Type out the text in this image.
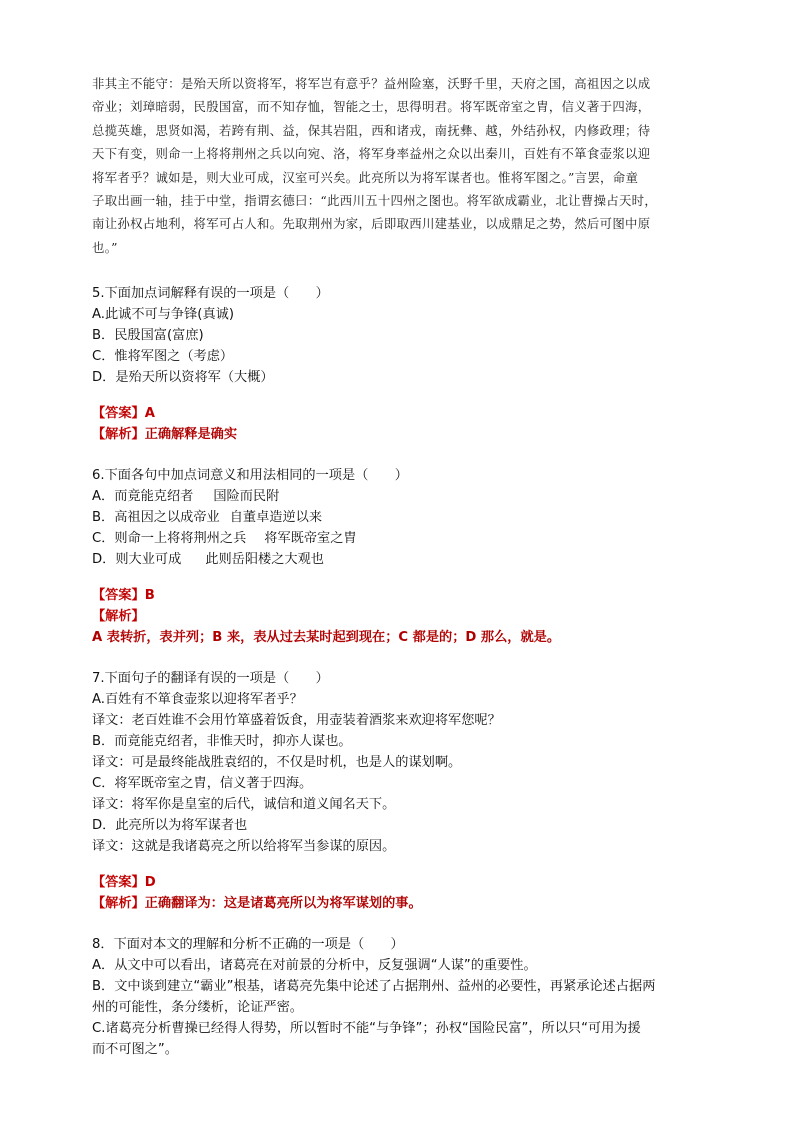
非其主不能守：是殆天所以资将军，将军岂有意乎？益州险塞，沃野千里，天府之国，高祖因之以成
帝业；刘璋暗弱，民殷国富，而不知存恤，智能之士，思得明君。将军既帝室之胄，信义著于四海，
总揽英雄，思贤如渴，若跨有荆、益，保其岩阻，西和诸戎，南抚彝、越，外结孙权，内修政理；待
天下有变，则命一上将将荆州之兵以向宛、洛，将军身率益州之众以出秦川，百姓有不箪食壶浆以迎
将军者乎？诚如是，则大业可成，汉室可兴矣。此亮所以为将军谋者也。惟将军图之。”言罢，命童
子取出画一轴，挂于中堂，指谓玄德曰：“此西川五十四州之图也。将军欲成霸业，北让曹操占天时，
南让孙权占地利，将军可占人和。先取荆州为家，后即取西川建基业，以成鼎足之势，然后可图中原
也。”
5.下面加点词解释有误的一项是（　　）
A.此诚不可与争锋(真诚)
B．民殷国富(富庶)
C．惟将军图之（考虑）
D．是殆天所以资将军（大概）
【答案】A
【解析】正确解释是确实
6.下面各句中加点词意义和用法相同的一项是（　　）
A．而竟能克绍者 国险而民附
B．高祖因之以成帝业 自董卓造逆以来
C．则命一上将将荆州之兵 将军既帝室之胄
D．则大业可成 此则岳阳楼之大观也
【答案】B
【解析】
A 表转折，表并列；B 来，表从过去某时起到现在；C 都是的；D 那么，就是。
7.下面句子的翻译有误的一项是（　　）
A.百姓有不箪食壶浆以迎将军者乎？
译文：老百姓谁不会用竹箪盛着饭食，用壶装着酒浆来欢迎将军您呢？
B．而竟能克绍者，非惟天时，抑亦人谋也。
译文：可是最终能战胜袁绍的，不仅是时机，也是人的谋划啊。
C．将军既帝室之胄，信义著于四海。
译文：将军你是皇室的后代，诚信和道义闻名天下。
D．此亮所以为将军谋者也
译文：这就是我诸葛亮之所以给将军当参谋的原因。
【答案】D
【解析】正确翻译为：这是诸葛亮所以为将军谋划的事。
8．下面对本文的理解和分析不正确的一项是（　　）
A．从文中可以看出，诸葛亮在对前景的分析中，反复强调“人谋”的重要性。
B．文中谈到建立“霸业”根基，诸葛亮先集中论述了占据荆州、益州的必要性，再紧承论述占据两
州的可能性，条分缕析，论证严密。
C.诸葛亮分析曹操已经得人得势，所以暂时不能“与争锋”；孙权“国险民富”，所以只“可用为援
而不可图之”。
